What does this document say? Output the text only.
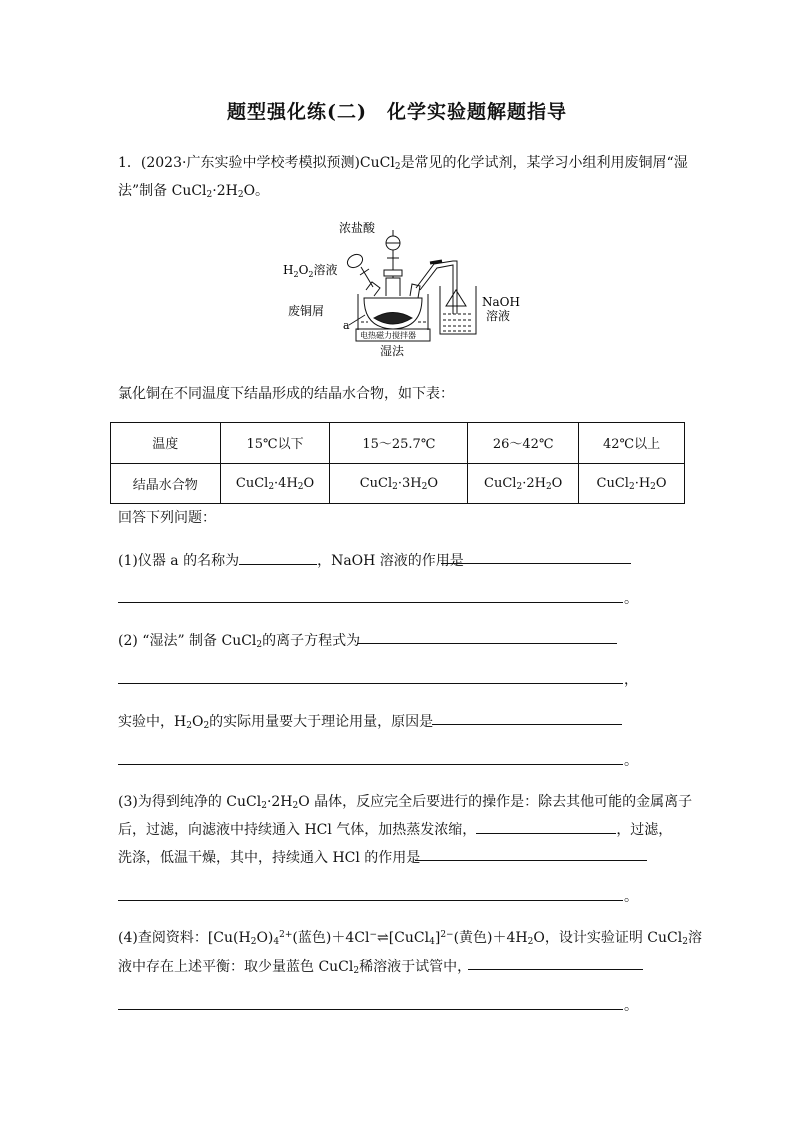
题型强化练(二)　化学实验题解题指导
1．(2023·广东实验中学校考模拟预测)CuCl$_2$是常见的化学试剂，某学习小组利用废铜屑“湿
法”制备 $CuCl_2\cdot 2H_2O$。
浓盐酸
$H_2O_2$溶液
废铜屑
a
NaOH
溶液
电热磁力搅拌器
湿法
氯化铜在不同温度下结晶形成的结晶水合物，如下表：
温度	15℃以下	15～25.7℃	26～42℃	42℃以上
结晶水合物	$CuCl_2\cdot 4H_2O$	$CuCl_2\cdot 3H_2O$	$CuCl_2\cdot 2H_2O$	$CuCl_2\cdot H_2O$
回答下列问题：
(1)仪器 a 的名称为	，NaOH 溶液的作用是
。
(2) “湿法” 制备 CuCl$_2$的离子方程式为
，
实验中，$H_2O_2$的实际用量要大于理论用量，原因是
。
(3)为得到纯净的 $CuCl_2\cdot 2H_2O$ 晶体，反应完全后要进行的操作是：除去其他可能的金属离子
后，过滤，向滤液中持续通入 HCl 气体，加热蒸发浓缩，	，过滤，
洗涤，低温干燥，其中，持续通入 HCl 的作用是
。
(4)查阅资料：[$Cu(H_2O)_4^{2+}$(蓝色)＋4Cl−⇌[CuCl$_4$]$^{2-}$(黄色)$+4H_2O$，设计实验证明 CuCl$_2$溶
液中存在上述平衡：取少量蓝色 CuCl$_2$稀溶液于试管中，
。
